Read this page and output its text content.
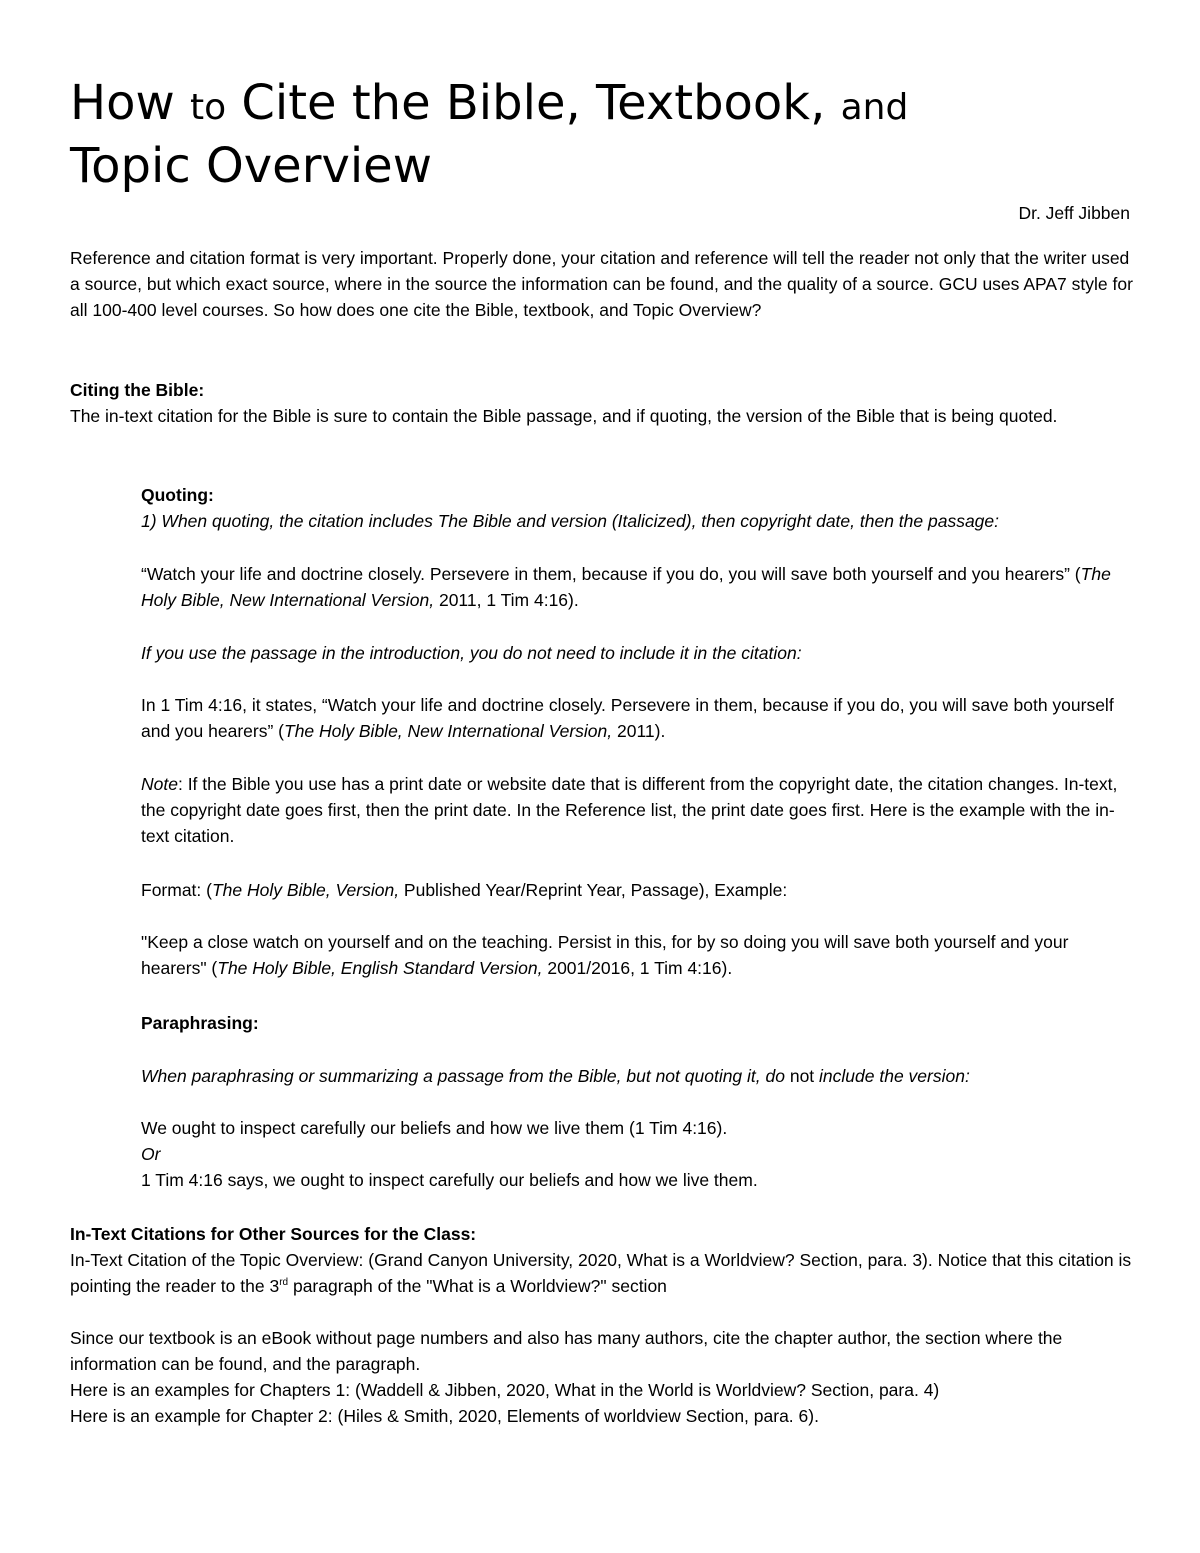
How to Cite the Bible, Textbook, and
Topic Overview
Dr. Jeff Jibben

Reference and citation format is very important. Properly done, your citation and reference will tell the reader not only that the writer used a source, but which exact source, where in the source the information can be found, and the quality of a source. GCU uses APA7 style for all 100-400 level courses. So how does one cite the Bible, textbook, and Topic Overview?

Citing the Bible:

The in-text citation for the Bible is sure to contain the Bible passage, and if quoting, the version of the Bible that is being quoted.

Quoting:

1) When quoting, the citation includes The Bible and version (Italicized), then copyright date, then the passage:

“Watch your life and doctrine closely. Persevere in them, because if you do, you will save both yourself and you hearers” (The Holy Bible, New International Version, 2011, 1 Tim 4:16).

If you use the passage in the introduction, you do not need to include it in the citation:

In 1 Tim 4:16, it states, “Watch your life and doctrine closely. Persevere in them, because if you do, you will save both yourself and you hearers” (The Holy Bible, New International Version, 2011).

Note: If the Bible you use has a print date or website date that is different from the copyright date, the citation changes. In-text, the copyright date goes first, then the print date. In the Reference list, the print date goes first. Here is the example with the in-text citation.

Format: (The Holy Bible, Version, Published Year/Reprint Year, Passage), Example:

"Keep a close watch on yourself and on the teaching. Persist in this, for by so doing you will save both yourself and your hearers" (The Holy Bible, English Standard Version, 2001/2016, 1 Tim 4:16).

Paraphrasing:

When paraphrasing or summarizing a passage from the Bible, but not quoting it, do not include the version:

We ought to inspect carefully our beliefs and how we live them (1 Tim 4:16).

Or

1 Tim 4:16 says, we ought to inspect carefully our beliefs and how we live them.

In-Text Citations for Other Sources for the Class:

In-Text Citation of the Topic Overview: (Grand Canyon University, 2020, What is a Worldview? Section, para. 3). Notice that this citation is pointing the reader to the 3rd paragraph of the "What is a Worldview?" section

Since our textbook is an eBook without page numbers and also has many authors, cite the chapter author, the section where the information can be found, and the paragraph.

Here is an examples for Chapters 1: (Waddell & Jibben, 2020, What in the World is Worldview? Section, para. 4)

Here is an example for Chapter 2: (Hiles & Smith, 2020, Elements of worldview Section, para. 6).
